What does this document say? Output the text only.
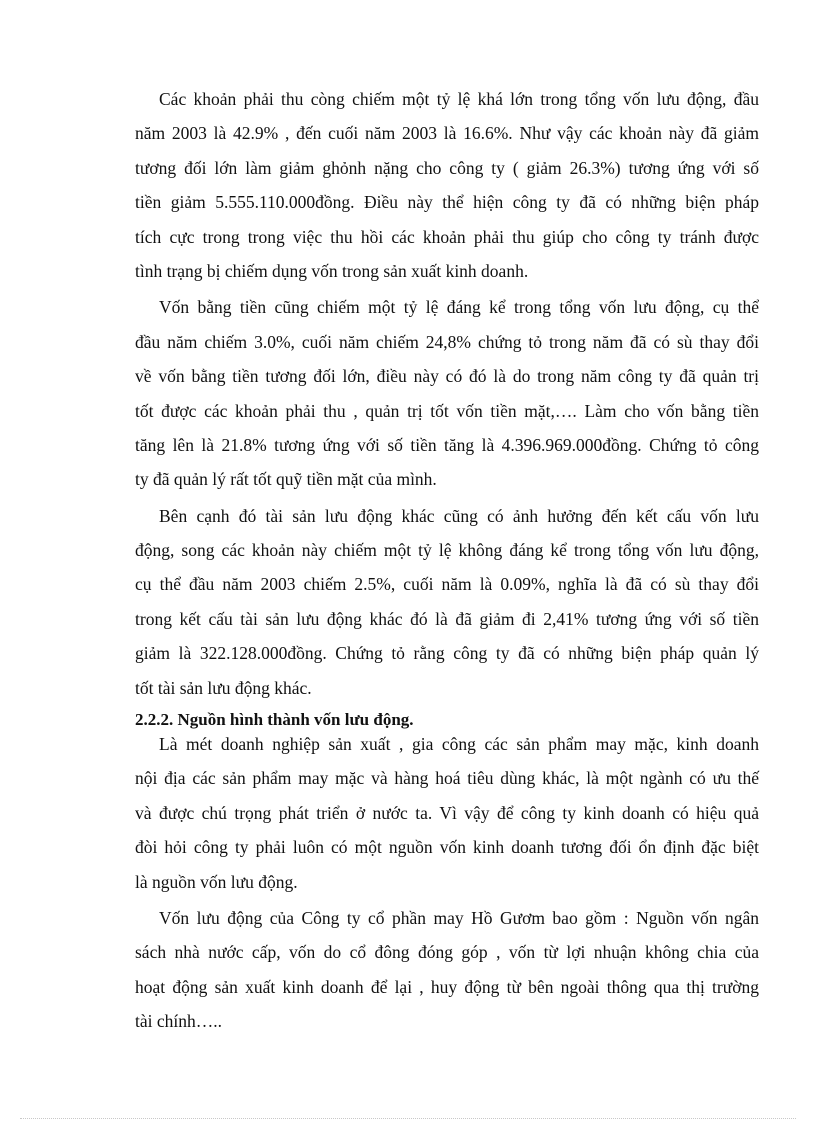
Các khoản phải thu còng chiếm một tỷ lệ khá lớn trong tổng vốn lưu động, đầu
năm 2003 là 42.9% , đến cuối năm 2003 là 16.6%. Như vậy các khoản này đã giảm
tương đối lớn làm giảm ghỏnh nặng cho công ty ( giảm 26.3%) tương ứng với số
tiền giảm 5.555.110.000đồng. Điều này thể hiện công ty đã có những biện pháp
tích cực trong trong việc thu hồi các khoản phải thu giúp cho công ty tránh được
tình trạng bị chiếm dụng vốn trong sản xuất kinh doanh.
Vốn bằng tiền cũng chiếm một tỷ lệ đáng kể trong tổng vốn lưu động, cụ thể
đầu năm chiếm 3.0%, cuối năm chiếm 24,8% chứng tỏ trong năm đã có sù thay đổi
về vốn bằng tiền tương đối lớn, điều này có đó là do trong năm công ty đã quản trị
tốt được các khoản phải thu , quản trị tốt vốn tiền mặt,…. Làm cho vốn bằng tiền
tăng lên là 21.8% tương ứng với số tiền tăng là 4.396.969.000đồng. Chứng tỏ công
ty đã quản lý rất tốt quỹ tiền mặt của mình.
Bên cạnh đó tài sản lưu động khác cũng có ảnh hưởng đến kết cấu vốn lưu
động, song các khoản này chiếm một tỷ lệ không đáng kể trong tổng vốn lưu động,
cụ thể đầu năm 2003 chiếm 2.5%, cuối năm là 0.09%, nghĩa là đã có sù thay đổi
trong kết cấu tài sản lưu động khác đó là đã giảm đi 2,41% tương ứng với số tiền
giảm là 322.128.000đồng. Chứng tỏ rằng công ty đã có những biện pháp quản lý
tốt tài sản lưu động khác.
2.2.2. Nguồn hình thành vốn lưu động.
Là mét doanh nghiệp sản xuất , gia công các sản phẩm may mặc, kinh doanh
nội địa các sản phẩm may mặc và hàng hoá tiêu dùng khác, là một ngành có ưu thế
và được chú trọng phát triển ở nước ta. Vì vậy để công ty kinh doanh có hiệu quả
đòi hỏi công ty phải luôn có một nguồn vốn kinh doanh tương đối ổn định đặc biệt
là nguồn vốn lưu động.
Vốn lưu động của Công ty cổ phần may Hồ Gươm bao gồm : Nguồn vốn ngân
sách nhà nước cấp, vốn do cổ đông đóng góp , vốn từ lợi nhuận không chia của
hoạt động sản xuất kinh doanh để lại , huy động từ bên ngoài thông qua thị trường
tài chính…..
